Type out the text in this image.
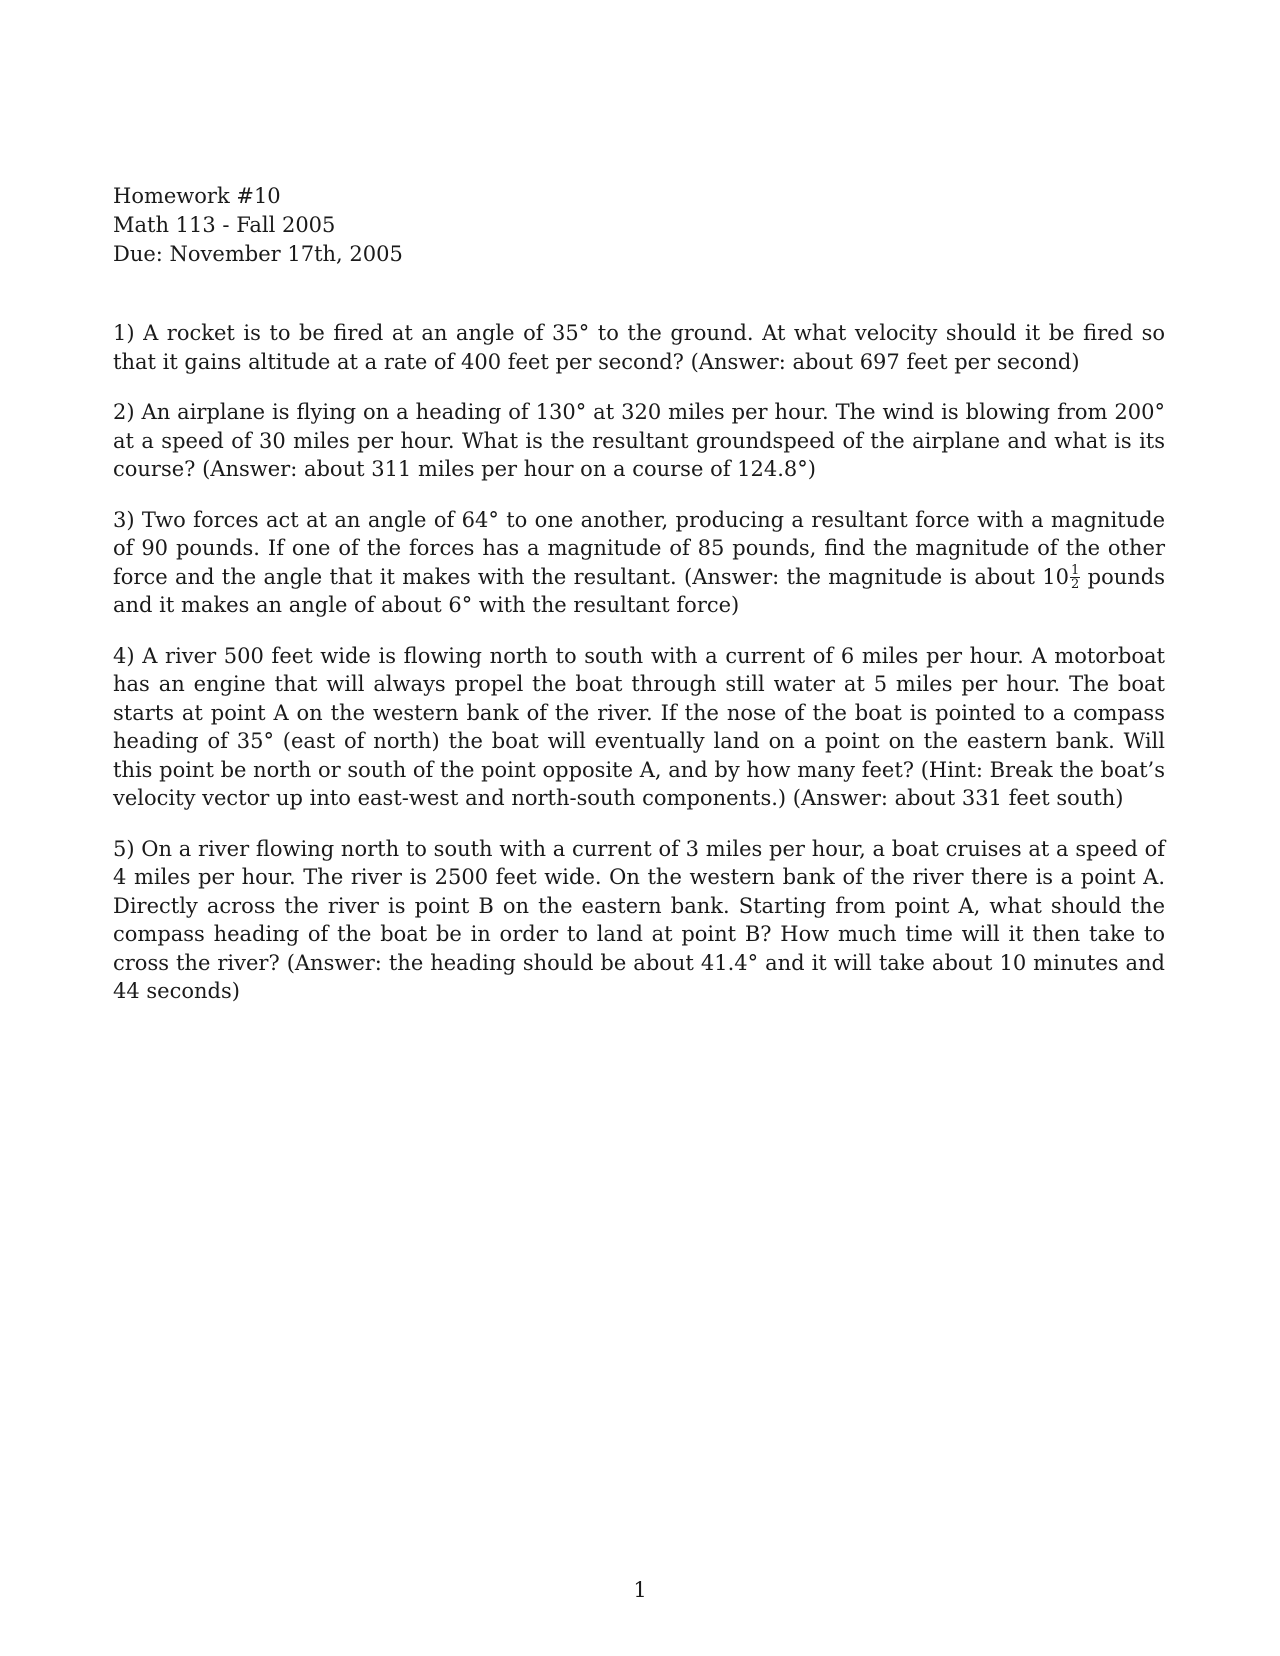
Homework #10
Math 113 - Fall 2005
Due: November 17th, 2005

1) A rocket is to be fired at an angle of 35° to the ground. At what velocity should it be fired so that it gains altitude at a rate of 400 feet per second? (Answer: about 697 feet per second)

2) An airplane is flying on a heading of 130° at 320 miles per hour. The wind is blowing from 200° at a speed of 30 miles per hour. What is the resultant groundspeed of the airplane and what is its course? (Answer: about 311 miles per hour on a course of 124.8°)

3) Two forces act at an angle of 64° to one another, producing a resultant force with a magnitude of 90 pounds. If one of the forces has a magnitude of 85 pounds, find the magnitude of the other force and the angle that it makes with the resultant. (Answer: the magnitude is about $10 \frac{1}{2}$ pounds and it makes an angle of about 6° with the resultant force)

4) A river 500 feet wide is flowing north to south with a current of 6 miles per hour. A motorboat has an engine that will always propel the boat through still water at 5 miles per hour. The boat starts at point A on the western bank of the river. If the nose of the boat is pointed to a compass heading of 35° (east of north) the boat will eventually land on a point on the eastern bank. Will this point be north or south of the point opposite A, and by how many feet? (Hint: Break the boat’s velocity vector up into east-west and north-south components.) (Answer: about 331 feet south)

5) On a river flowing north to south with a current of 3 miles per hour, a boat cruises at a speed of 4 miles per hour. The river is 2500 feet wide. On the western bank of the river there is a point A. Directly across the river is point B on the eastern bank. Starting from point A, what should the compass heading of the boat be in order to land at point B? How much time will it then take to cross the river? (Answer: the heading should be about 41.4° and it will take about 10 minutes and 44 seconds)

1
